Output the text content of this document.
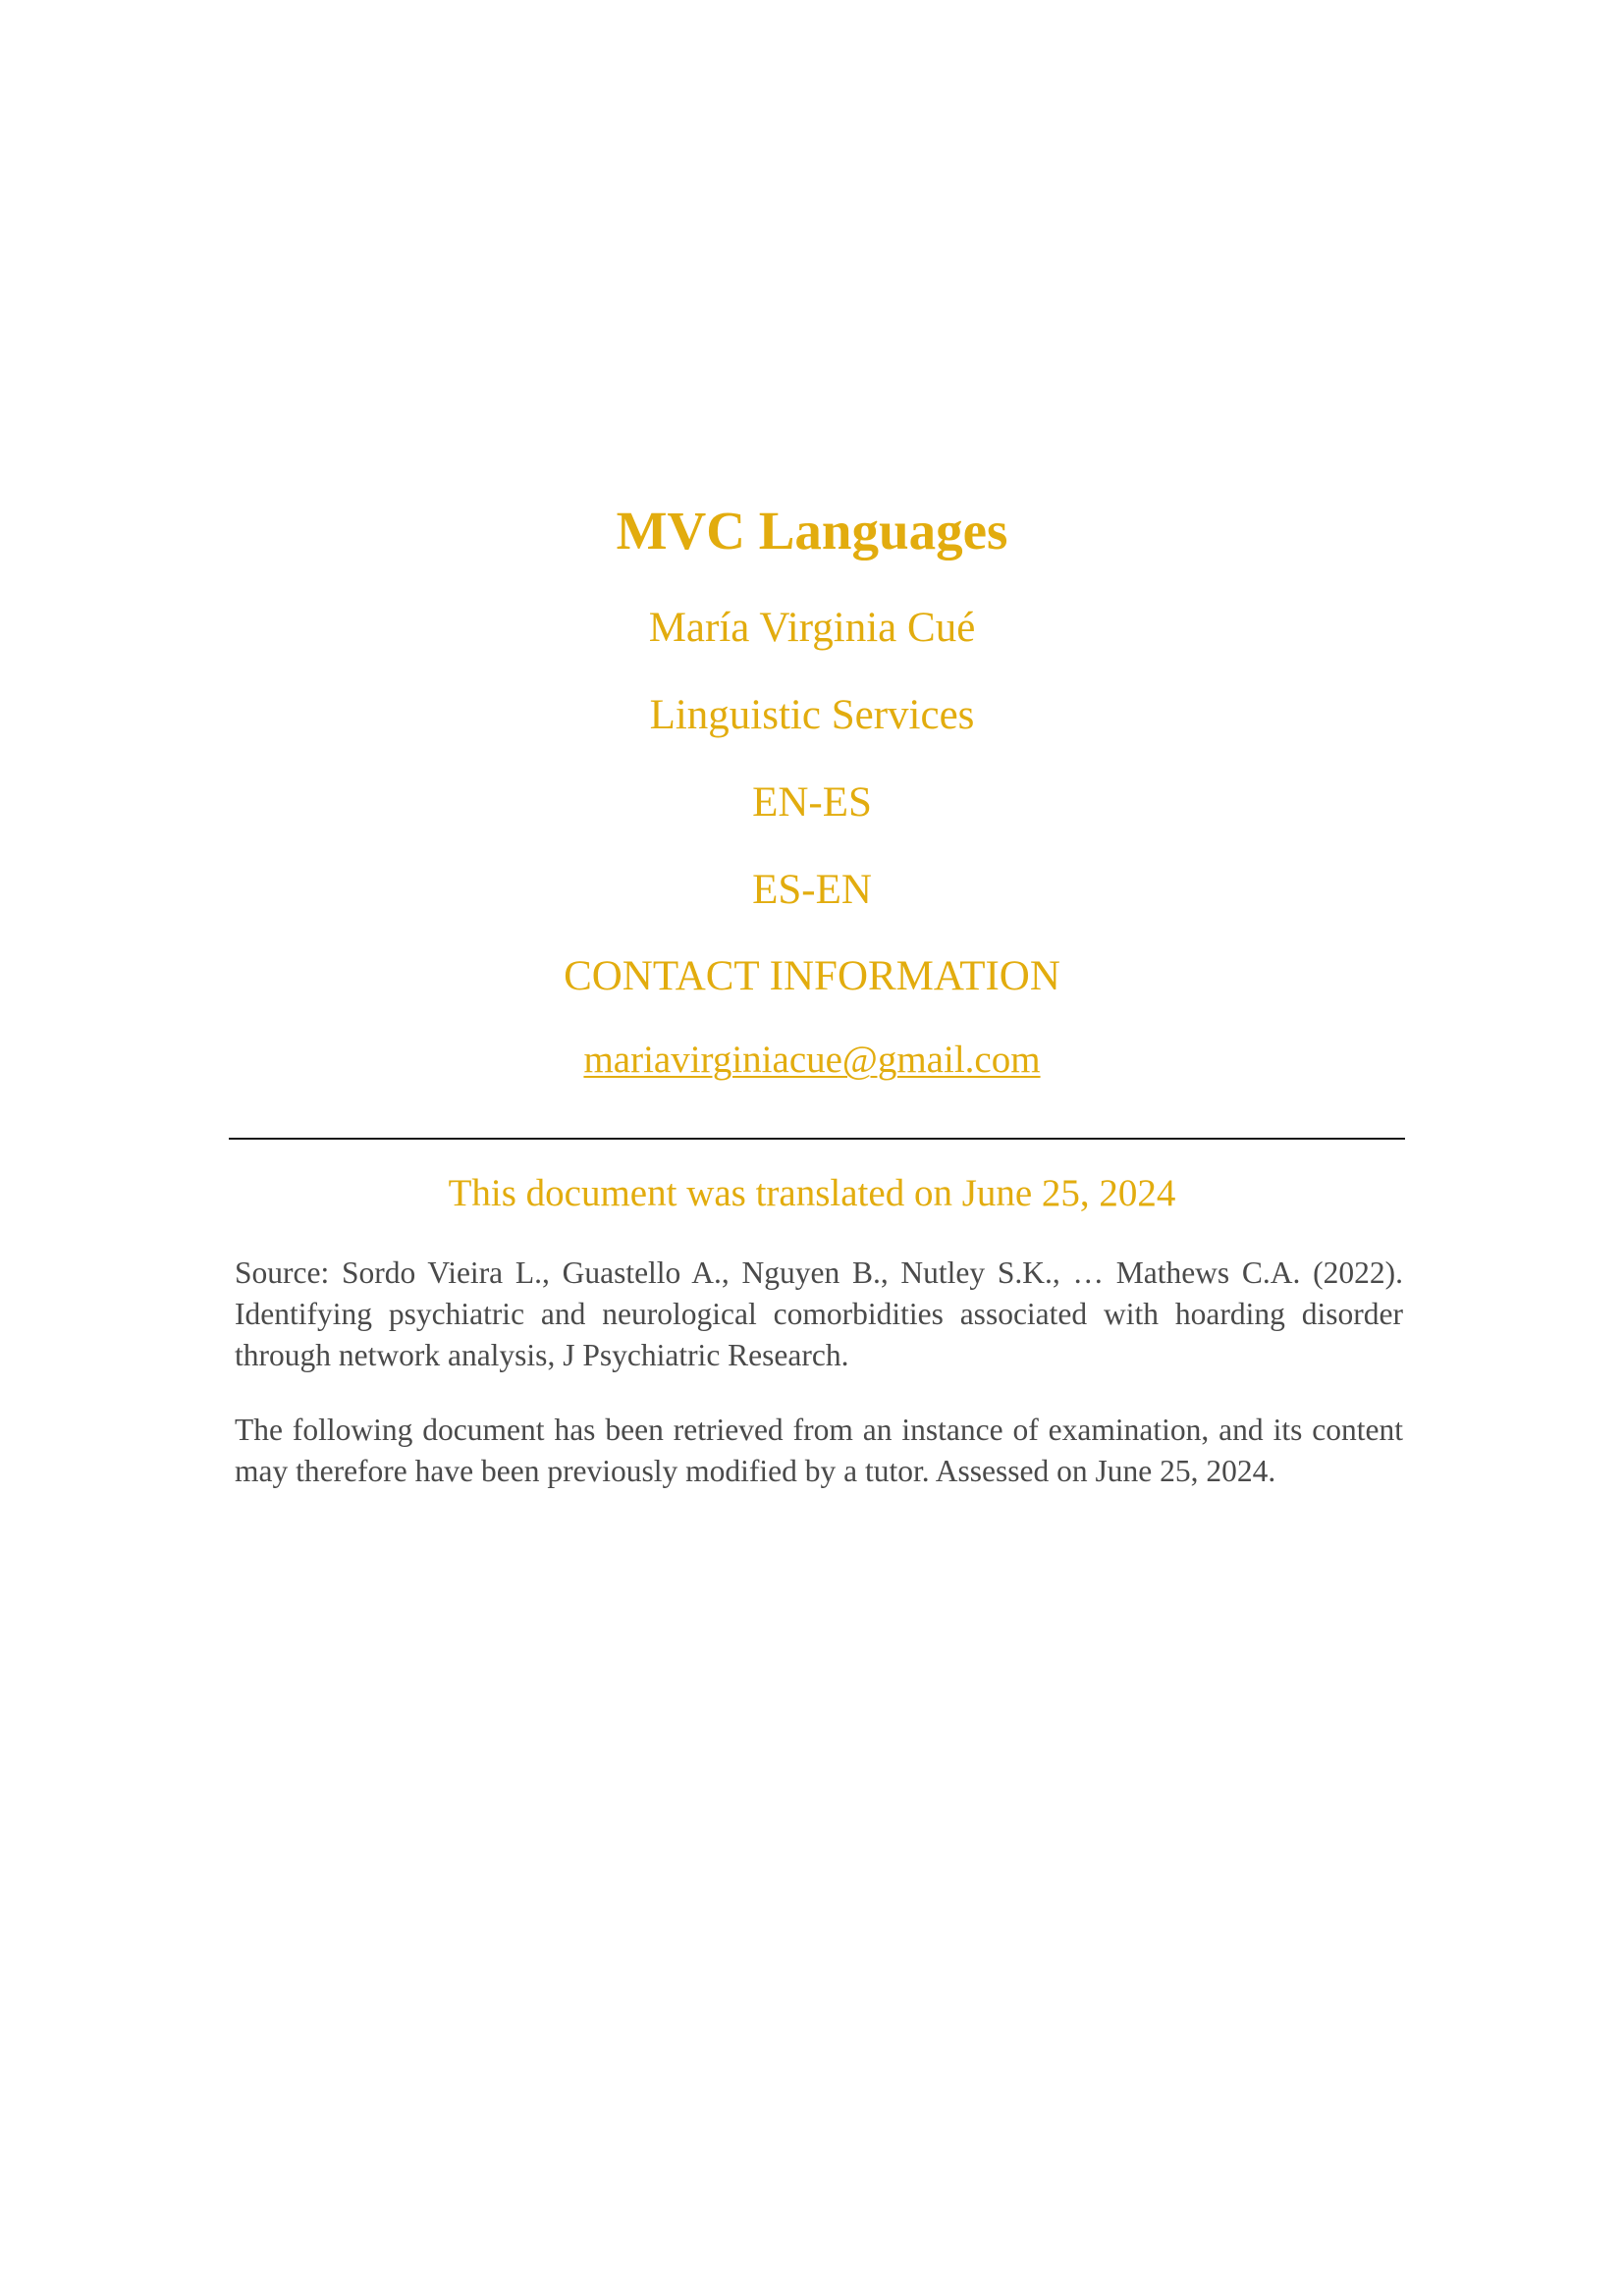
MVC Languages
María Virginia Cué
Linguistic Services
EN-ES
ES-EN
CONTACT INFORMATION
mariavirginiacue@gmail.com
This document was translated on June 25, 2024

Source: Sordo Vieira L., Guastello A., Nguyen B., Nutley S.K., … Mathews C.A. (2022). Identifying psychiatric and neurological comorbidities associated with hoarding disorder through network analysis, J Psychiatric Research.

The following document has been retrieved from an instance of examination, and its content may therefore have been previously modified by a tutor. Assessed on June 25, 2024.
